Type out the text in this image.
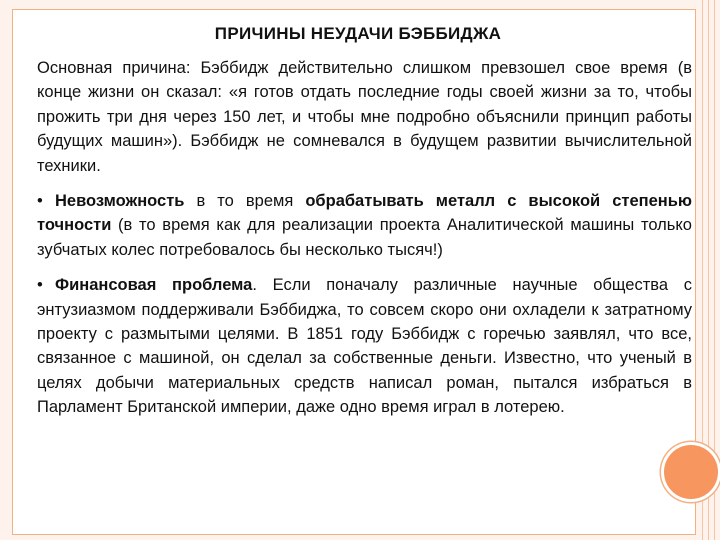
ПРИЧИНЫ НЕУДАЧИ БЭББИДЖА

Основная причина: Бэббидж действительно слишком превзошел свое время (в конце жизни он сказал: «я готов отдать последние годы своей жизни за то, чтобы прожить три дня через 150 лет, и чтобы мне подробно объяснили принцип работы будущих машин»). Бэббидж не сомневался в будущем развитии вычислительной техники.

• Невозможность в то время обрабатывать металл с высокой степенью точности (в то время как для реализации проекта Аналитической машины только зубчатых колес потребовалось бы несколько тысяч!)

• Финансовая проблема. Если поначалу различные научные общества с энтузиазмом поддерживали Бэббиджа, то совсем скоро они охладели к затратному проекту с размытыми целями. В 1851 году Бэббидж с горечью заявлял, что все, связанное с машиной, он сделал за собственные деньги. Известно, что ученый в целях добычи материальных средств написал роман, пытался избраться в Парламент Британской империи, даже одно время играл в лотерею.
